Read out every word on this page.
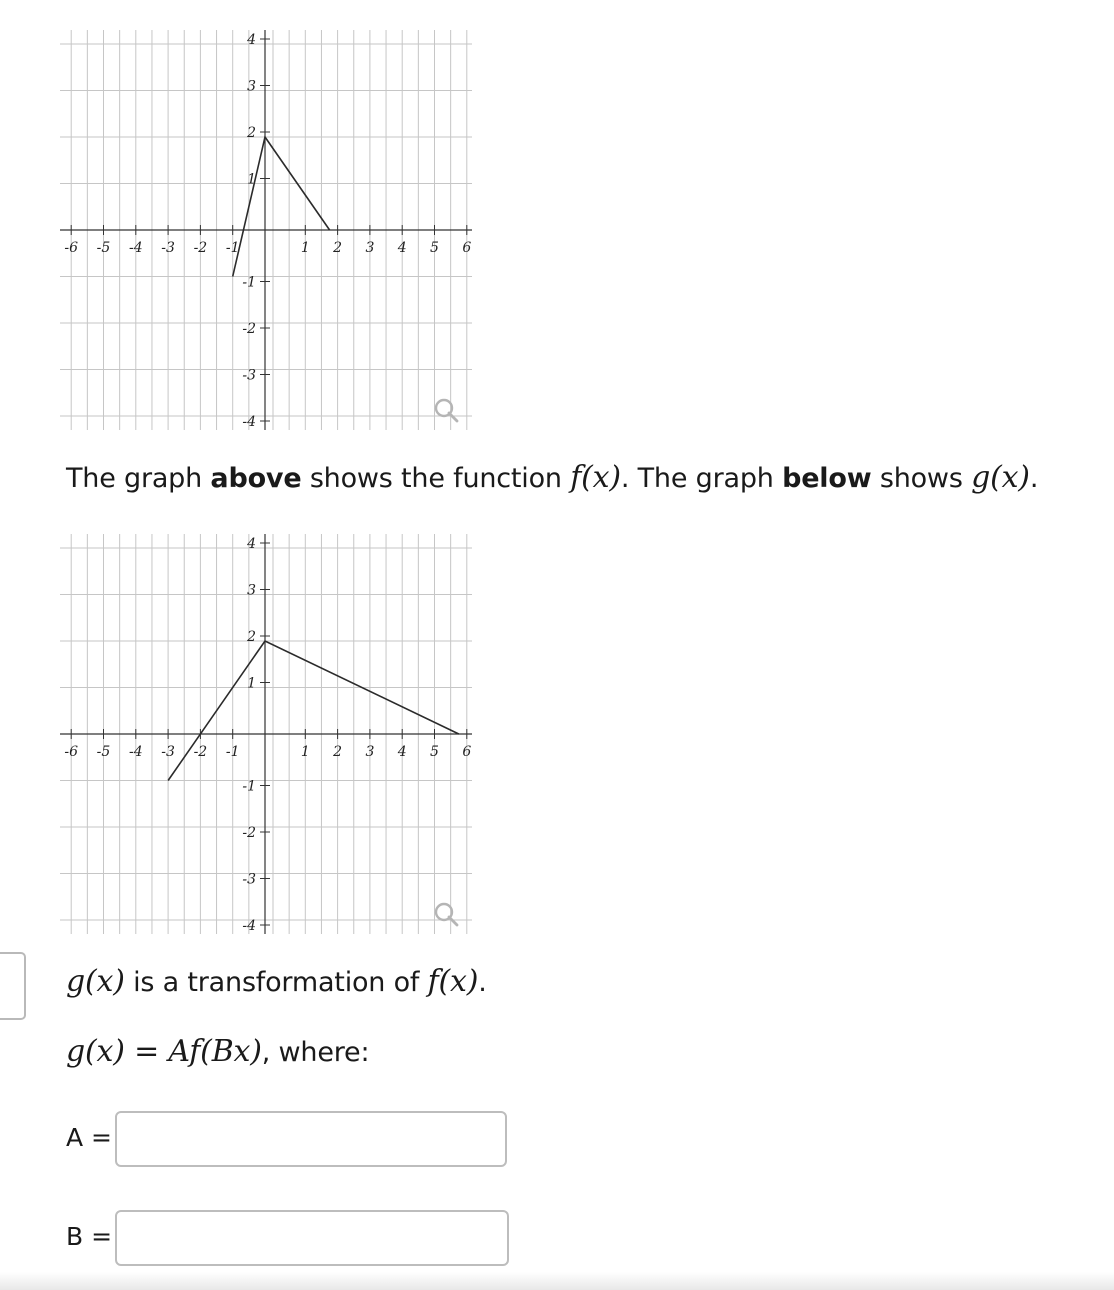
-6 -5 -4 -3 -2 -1	1 2 3 4 5 6
4
3
2
1
-1
-2
-3
-4
The graph above shows the function f(x). The graph below shows g(x).
-6 -5 -4 -3 -2 -1	1 2 3 4 5 6
4
3
2
1
-1
-2
-3
-4
g(x) is a transformation of f(x).
g(x) = Af(Bx), where:
A =
B =
